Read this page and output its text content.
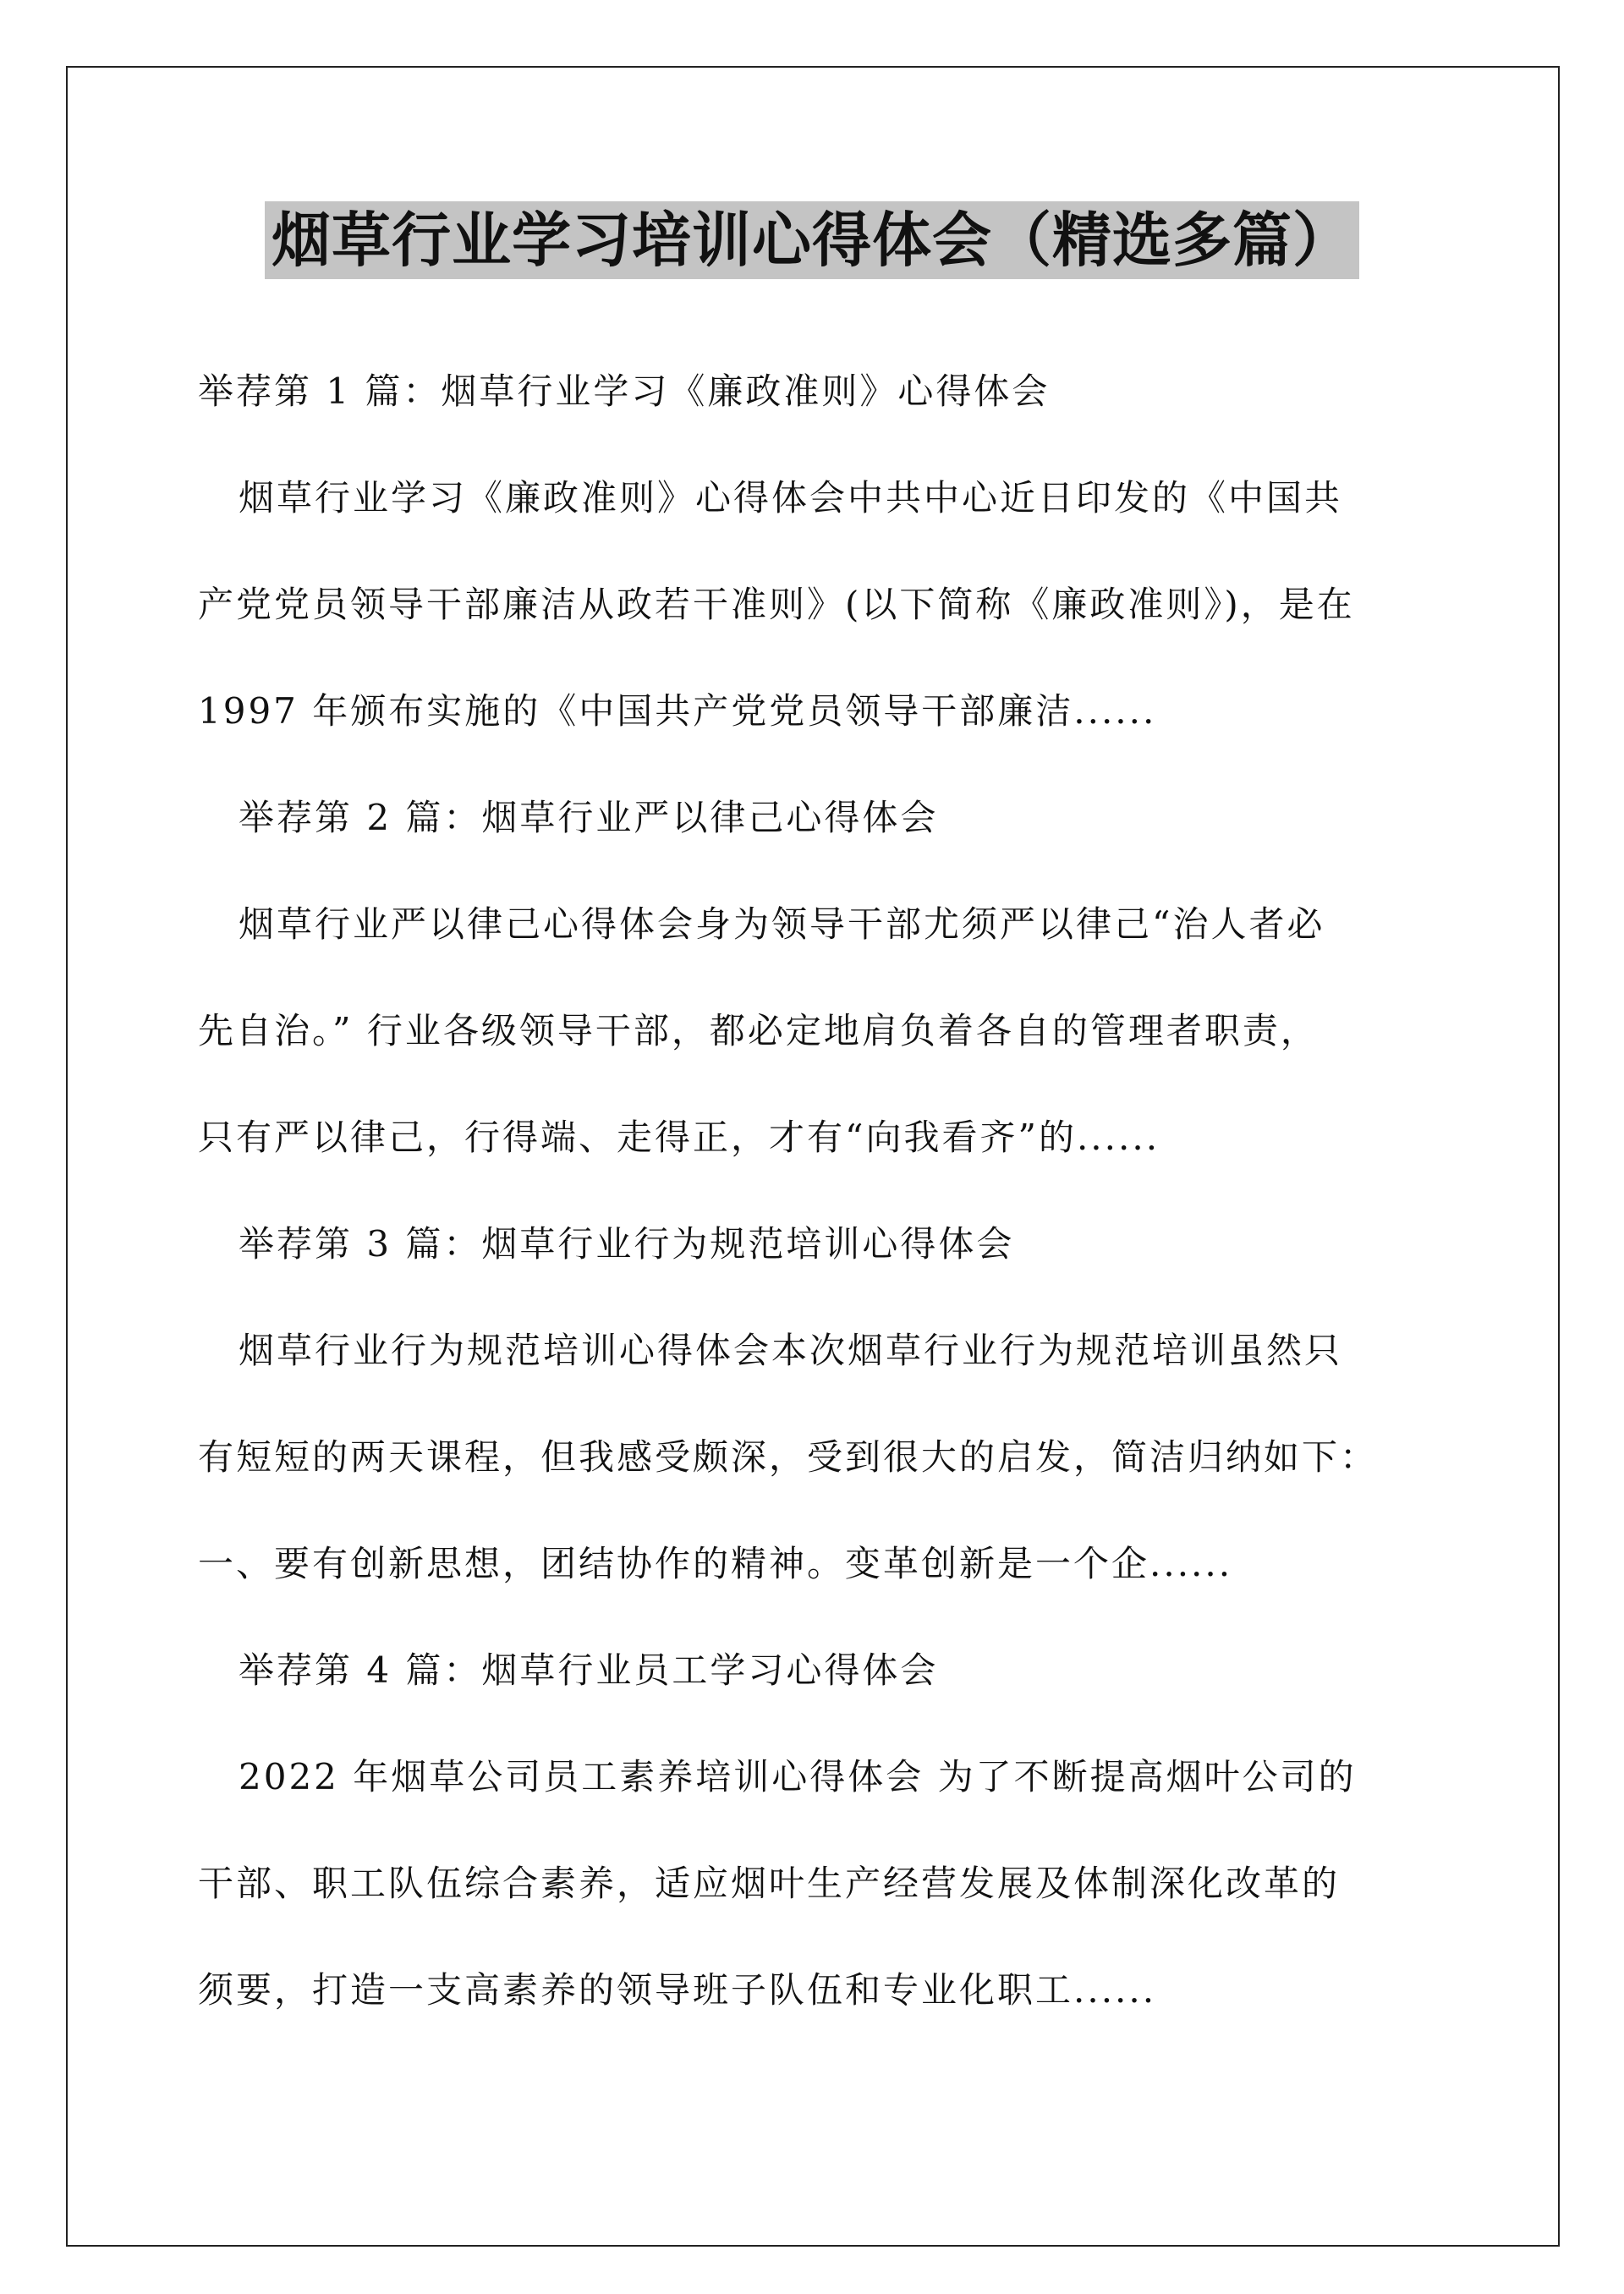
烟草行业学习培训心得体会（精选多篇）
举荐第 1 篇：烟草行业学习《廉政准则》心得体会
烟草行业学习《廉政准则》心得体会中共中心近日印发的《中国共
产党党员领导干部廉洁从政若干准则》(以下简称《廉政准则》)，是在
1997 年颁布实施的《中国共产党党员领导干部廉洁......
举荐第 2 篇：烟草行业严以律己心得体会
烟草行业严以律己心得体会身为领导干部尤须严以律己“治人者必
先自治。” 行业各级领导干部，都必定地肩负着各自的管理者职责，
只有严以律己，行得端、走得正，才有“向我看齐”的......
举荐第 3 篇：烟草行业行为规范培训心得体会
烟草行业行为规范培训心得体会本次烟草行业行为规范培训虽然只
有短短的两天课程，但我感受颇深，受到很大的启发，简洁归纳如下：
一、要有创新思想，团结协作的精神。变革创新是一个企......
举荐第 4 篇：烟草行业员工学习心得体会
2022 年烟草公司员工素养培训心得体会 为了不断提高烟叶公司的
干部、职工队伍综合素养，适应烟叶生产经营发展及体制深化改革的
须要，打造一支高素养的领导班子队伍和专业化职工......
